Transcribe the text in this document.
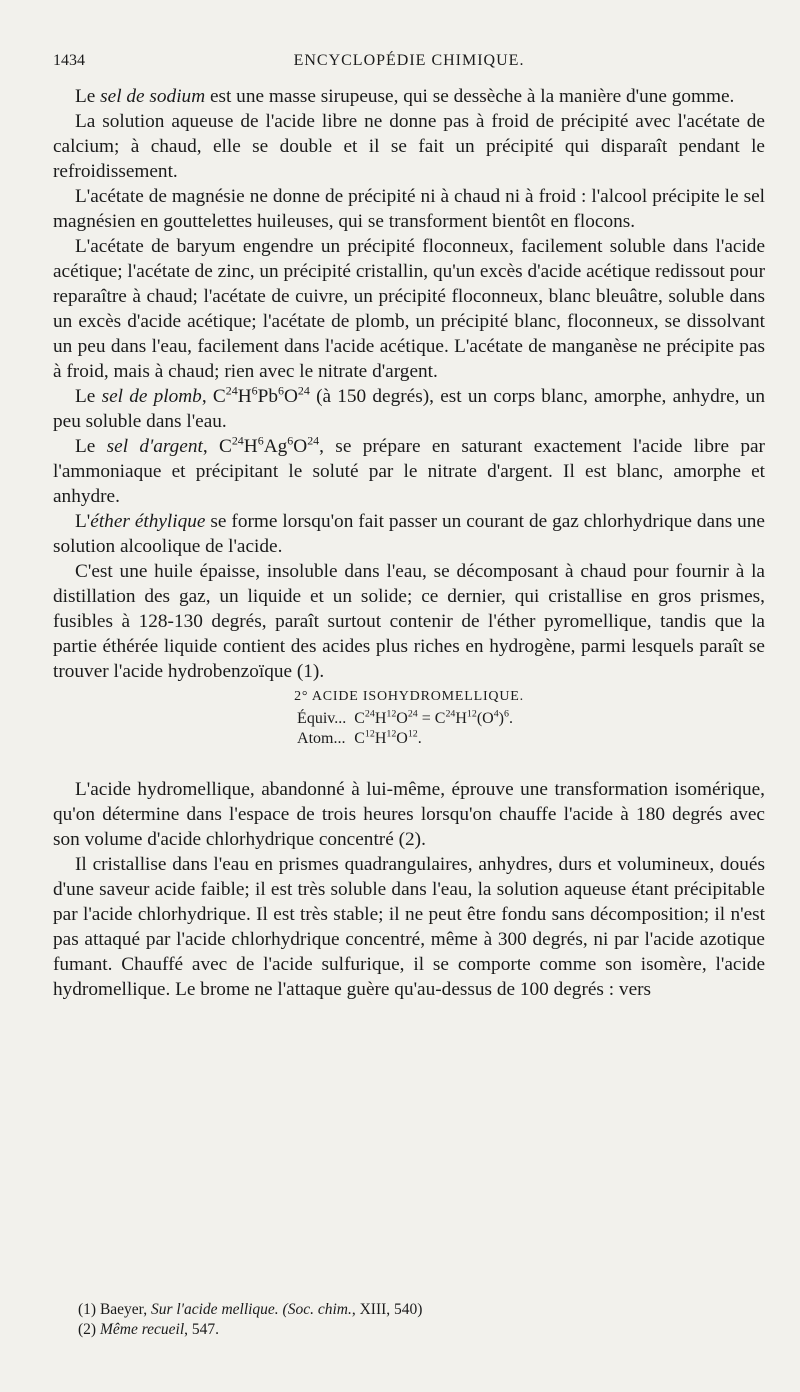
1434	ENCYCLOPÉDIE CHIMIQUE.

Le sel de sodium est une masse sirupeuse, qui se dessèche à la manière d'une gomme.

La solution aqueuse de l'acide libre ne donne pas à froid de précipité avec l'acétate de calcium; à chaud, elle se double et il se fait un précipité qui disparaît pendant le refroidissement.

L'acétate de magnésie ne donne de précipité ni à chaud ni à froid : l'alcool précipite le sel magnésien en gouttelettes huileuses, qui se transforment bientôt en flocons.

L'acétate de baryum engendre un précipité floconneux, facilement soluble dans l'acide acétique; l'acétate de zinc, un précipité cristallin, qu'un excès d'acide acétique redissout pour reparaître à chaud; l'acétate de cuivre, un précipité floconneux, blanc bleuâtre, soluble dans un excès d'acide acétique; l'acétate de plomb, un précipité blanc, floconneux, se dissolvant un peu dans l'eau, facilement dans l'acide acétique. L'acétate de manganèse ne précipite pas à froid, mais à chaud; rien avec le nitrate d'argent.

Le sel de plomb, $C^{24}H^6Pb^6O^{24}$ (à 150 degrés), est un corps blanc, amorphe, anhydre, un peu soluble dans l'eau.

Le sel d'argent, $C^{24}H^6Ag^6O^{24}$, se prépare en saturant exactement l'acide libre par l'ammoniaque et précipitant le soluté par le nitrate d'argent. Il est blanc, amorphe et anhydre.

L'éther éthylique se forme lorsqu'on fait passer un courant de gaz chlorhydrique dans une solution alcoolique de l'acide.

C'est une huile épaisse, insoluble dans l'eau, se décomposant à chaud pour fournir à la distillation des gaz, un liquide et un solide; ce dernier, qui cristallise en gros prismes, fusibles à 128-130 degrés, paraît surtout contenir de l'éther pyromellique, tandis que la partie éthérée liquide contient des acides plus riches en hydrogène, parmi lesquels paraît se trouver l'acide hydrobenzoïque (1).

2° ACIDE ISOHYDROMELLIQUE.

Équiv...	$C^{24}H^{12}O^{24} = C^{24}H^{12}(O^4)^6$.
Atom...	$C^{12}H^{12}O^{12}$.

L'acide hydromellique, abandonné à lui-même, éprouve une transformation isomérique, qu'on détermine dans l'espace de trois heures lorsqu'on chauffe l'acide à 180 degrés avec son volume d'acide chlorhydrique concentré (2).

Il cristallise dans l'eau en prismes quadrangulaires, anhydres, durs et volumineux, doués d'une saveur acide faible; il est très soluble dans l'eau, la solution aqueuse étant précipitable par l'acide chlorhydrique. Il est très stable; il ne peut être fondu sans décomposition; il n'est pas attaqué par l'acide chlorhydrique concentré, même à 300 degrés, ni par l'acide azotique fumant. Chauffé avec de l'acide sulfurique, il se comporte comme son isomère, l'acide hydromellique. Le brome ne l'attaque guère qu'au-dessus de 100 degrés : vers

(1) Baeyer, Sur l'acide mellique. (Soc. chim., XIII, 540)
(2) Même recueil, 547.
